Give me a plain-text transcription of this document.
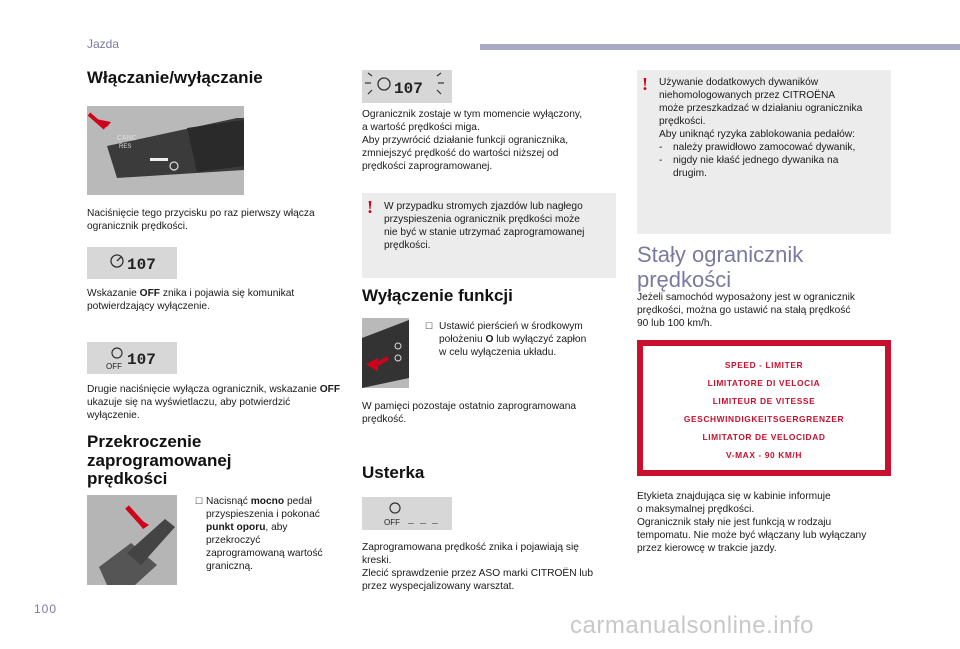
Jazda
100
carmanualsonline.info
Włączanie/wyłączanie
CANC
RES
Naciśnięcie tego przycisku po raz pierwszy włącza ogranicznik prędkości.
107
Wskazanie OFF znika i pojawia się komunikat potwierdzający wyłączenie.
OFF 107
Drugie naciśnięcie wyłącza ogranicznik, wskazanie OFF ukazuje się na wyświetlaczu, aby potwierdzić wyłączenie.
Przekroczenie
zaprogramowanej
prędkości
☐ Nacisnąć mocno pedał przyspieszenia i pokonać punkt oporu, aby przekroczyć zaprogramowaną wartość graniczną.
107

Ogranicznik zostaje w tym momencie wyłączony,

a wartość prędkości miga.

Aby przywrócić działanie funkcji ogranicznika,

zmniejszyć prędkość do wartości niższej od

prędkości zaprogramowanej.

! W przypadku stromych zjazdów lub nagłego

przyspieszenia ogranicznik prędkości może

nie być w stanie utrzymać zaprogramowanej

prędkości.

Wyłączenie funkcji
☐ Ustawić pierścień w środkowym

położeniu O lub wyłączyć zapłon

w celu wyłączenia układu.

W pamięci pozostaje ostatnio zaprogramowana

prędkość.

Usterka
OFF _ _ _

Zaprogramowana prędkość znika i pojawiają się

kreski.

Zlecić sprawdzenie przez ASO marki CITROËN lub

przez wyspecjalizowany warsztat.

! Używanie dodatkowych dywaników

niehomologowanych przez CITROËNA

może przeszkadzać w działaniu ogranicznika

prędkości.

Aby uniknąć ryzyka zablokowania pedałów:

- należy prawidłowo zamocować dywanik,

- nigdy nie kłaść jednego dywanika na

drugim.

Stały ogranicznik
prędkości

Jeżeli samochód wyposażony jest w ogranicznik

prędkości, można go ustawić na stałą prędkość

90 lub 100 km/h.

SPEED - LIMITER
LIMITATORE DI VELOCIA
LIMITEUR DE VITESSE
GESCHWINDIGKEITSGERGRENZER
LIMITATOR DE VELOCIDAD
V-MAX - 90 KM/H

Etykieta znajdująca się w kabinie informuje

o maksymalnej prędkości.

Ogranicznik stały nie jest funkcją w rodzaju

tempomatu. Nie może być włączany lub wyłączany

przez kierowcę w trakcie jazdy.
